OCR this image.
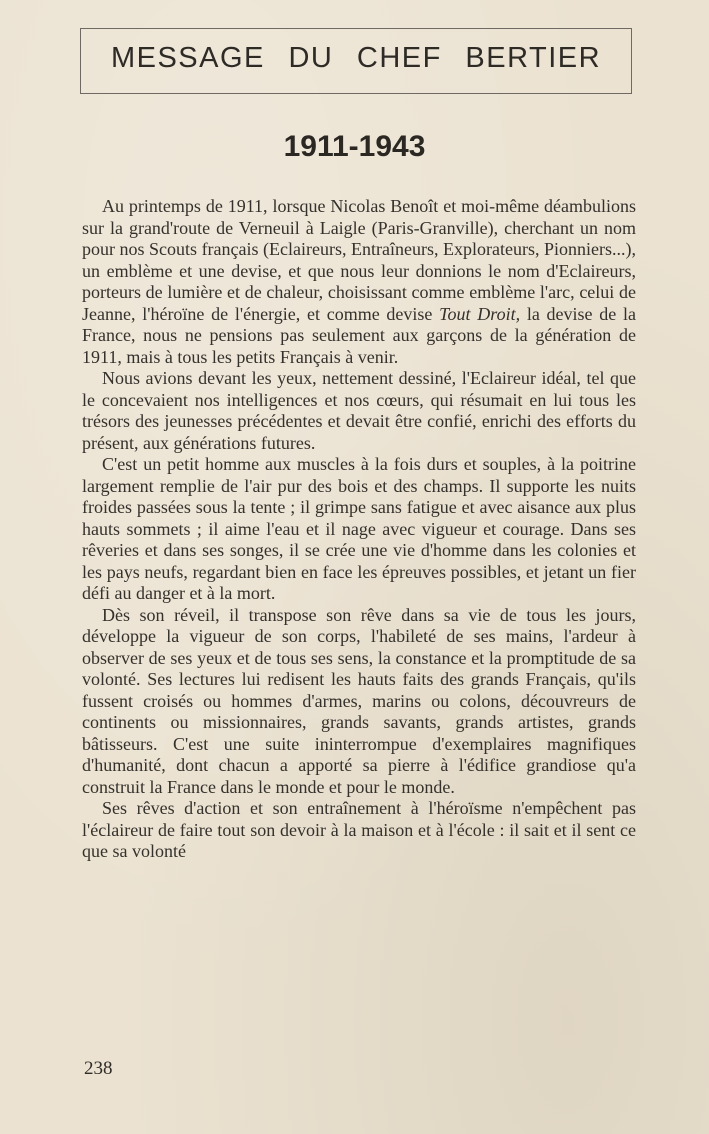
MESSAGE DU CHEF BERTIER
1911-1943

Au printemps de 1911, lorsque Nicolas Benoît et moi-même déambulions sur la grand'route de Verneuil à Laigle (Paris-Granville), cherchant un nom pour nos Scouts français (Eclaireurs, Entraîneurs, Explorateurs, Pionniers...), un emblème et une devise, et que nous leur donnions le nom d'Eclaireurs, porteurs de lumière et de chaleur, choisissant comme emblème l'arc, celui de Jeanne, l'héroïne de l'énergie, et comme devise Tout Droit, la devise de la France, nous ne pensions pas seulement aux garçons de la génération de 1911, mais à tous les petits Français à venir.

Nous avions devant les yeux, nettement dessiné, l'Eclaireur idéal, tel que le concevaient nos intelligences et nos cœurs, qui résumait en lui tous les trésors des jeunesses précédentes et devait être confié, enrichi des efforts du présent, aux générations futures.

C'est un petit homme aux muscles à la fois durs et souples, à la poitrine largement remplie de l'air pur des bois et des champs. Il supporte les nuits froides passées sous la tente ; il grimpe sans fatigue et avec aisance aux plus hauts sommets ; il aime l'eau et il nage avec vigueur et courage. Dans ses rêveries et dans ses songes, il se crée une vie d'homme dans les colonies et les pays neufs, regardant bien en face les épreuves possibles, et jetant un fier défi au danger et à la mort.

Dès son réveil, il transpose son rêve dans sa vie de tous les jours, développe la vigueur de son corps, l'habileté de ses mains, l'ardeur à observer de ses yeux et de tous ses sens, la constance et la promptitude de sa volonté. Ses lectures lui redisent les hauts faits des grands Français, qu'ils fussent croisés ou hommes d'armes, marins ou colons, découvreurs de continents ou missionnaires, grands savants, grands artistes, grands bâtisseurs. C'est une suite ininterrompue d'exemplaires magnifiques d'humanité, dont chacun a apporté sa pierre à l'édifice grandiose qu'a construit la France dans le monde et pour le monde.

Ses rêves d'action et son entraînement à l'héroïsme n'empêchent pas l'éclaireur de faire tout son devoir à la maison et à l'école : il sait et il sent ce que sa volonté

238
